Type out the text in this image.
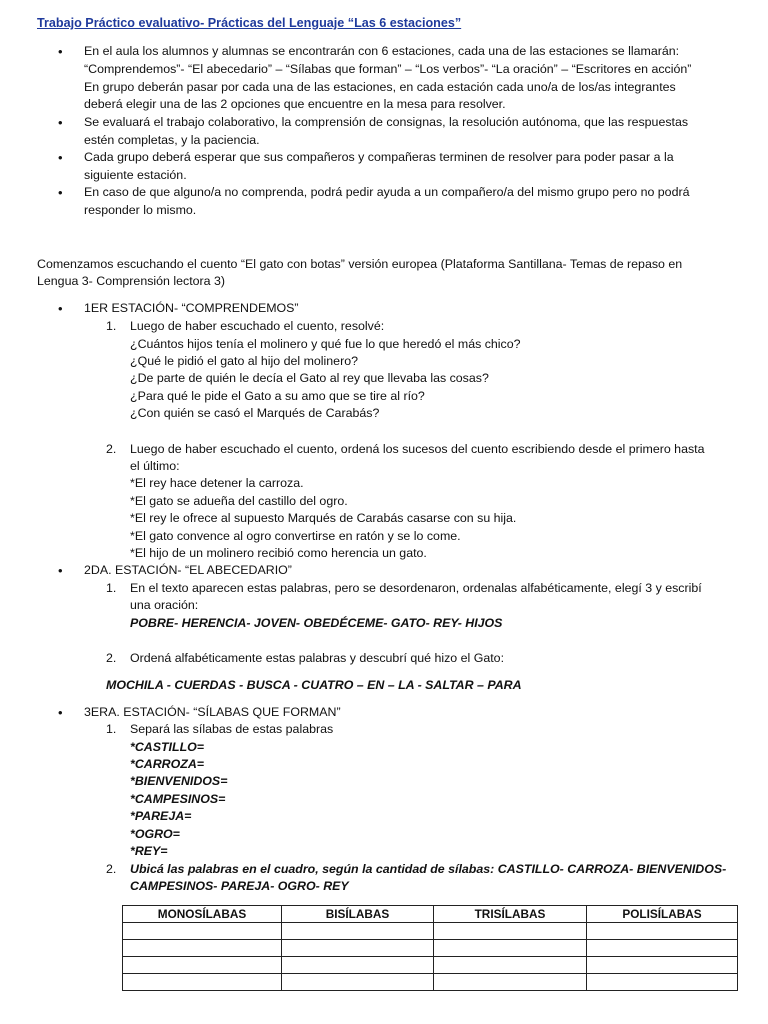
Trabajo Práctico evaluativo- Prácticas del Lenguaje “Las 6 estaciones”
• En el aula los alumnos y alumnas se encontrarán con 6 estaciones, cada una de las estaciones se llamarán:
“Comprendemos”- “El abecedario” – “Sílabas que forman” – “Los verbos”- “La oración” – “Escritores en acción”
En grupo deberán pasar por cada una de las estaciones, en cada estación cada uno/a de los/as integrantes
deberá elegir una de las 2 opciones que encuentre en la mesa para resolver.
• Se evaluará el trabajo colaborativo, la comprensión de consignas, la resolución autónoma, que las respuestas
estén completas, y la paciencia.
• Cada grupo deberá esperar que sus compañeros y compañeras terminen de resolver para poder pasar a la
siguiente estación.
• En caso de que alguno/a no comprenda, podrá pedir ayuda a un compañero/a del mismo grupo pero no podrá
responder lo mismo.
Comenzamos escuchando el cuento “El gato con botas” versión europea (Plataforma Santillana- Temas de repaso en
Lengua 3- Comprensión lectora 3)
• 1ER ESTACIÓN- “COMPRENDEMOS”
1. Luego de haber escuchado el cuento, resolvé:
¿Cuántos hijos tenía el molinero y qué fue lo que heredó el más chico?
¿Qué le pidió el gato al hijo del molinero?
¿De parte de quién le decía el Gato al rey que llevaba las cosas?
¿Para qué le pide el Gato a su amo que se tire al río?
¿Con quién se casó el Marqués de Carabás?
2. Luego de haber escuchado el cuento, ordená los sucesos del cuento escribiendo desde el primero hasta
el último:
*El rey hace detener la carroza.
*El gato se adueña del castillo del ogro.
*El rey le ofrece al supuesto Marqués de Carabás casarse con su hija.
*El gato convence al ogro convertirse en ratón y se lo come.
*El hijo de un molinero recibió como herencia un gato.
• 2DA. ESTACIÓN- “EL ABECEDARIO”
1. En el texto aparecen estas palabras, pero se desordenaron, ordenalas alfabéticamente, elegí 3 y escribí
una oración:
POBRE- HERENCIA- JOVEN- OBEDÉCEME- GATO- REY- HIJOS
2. Ordená alfabéticamente estas palabras y descubrí qué hizo el Gato:
MOCHILA - CUERDAS - BUSCA - CUATRO – EN – LA - SALTAR – PARA
• 3ERA. ESTACIÓN- “SÍLABAS QUE FORMAN”
1. Separá las sílabas de estas palabras
*CASTILLO=
*CARROZA=
*BIENVENIDOS=
*CAMPESINOS=
*PAREJA=
*OGRO=
*REY=
2. Ubicá las palabras en el cuadro, según la cantidad de sílabas: CASTILLO- CARROZA- BIENVENIDOS-
CAMPESINOS- PAREJA- OGRO- REY
MONOSÍLABAS	BISÍLABAS	TRISÍLABAS	POLISÍLABAS
